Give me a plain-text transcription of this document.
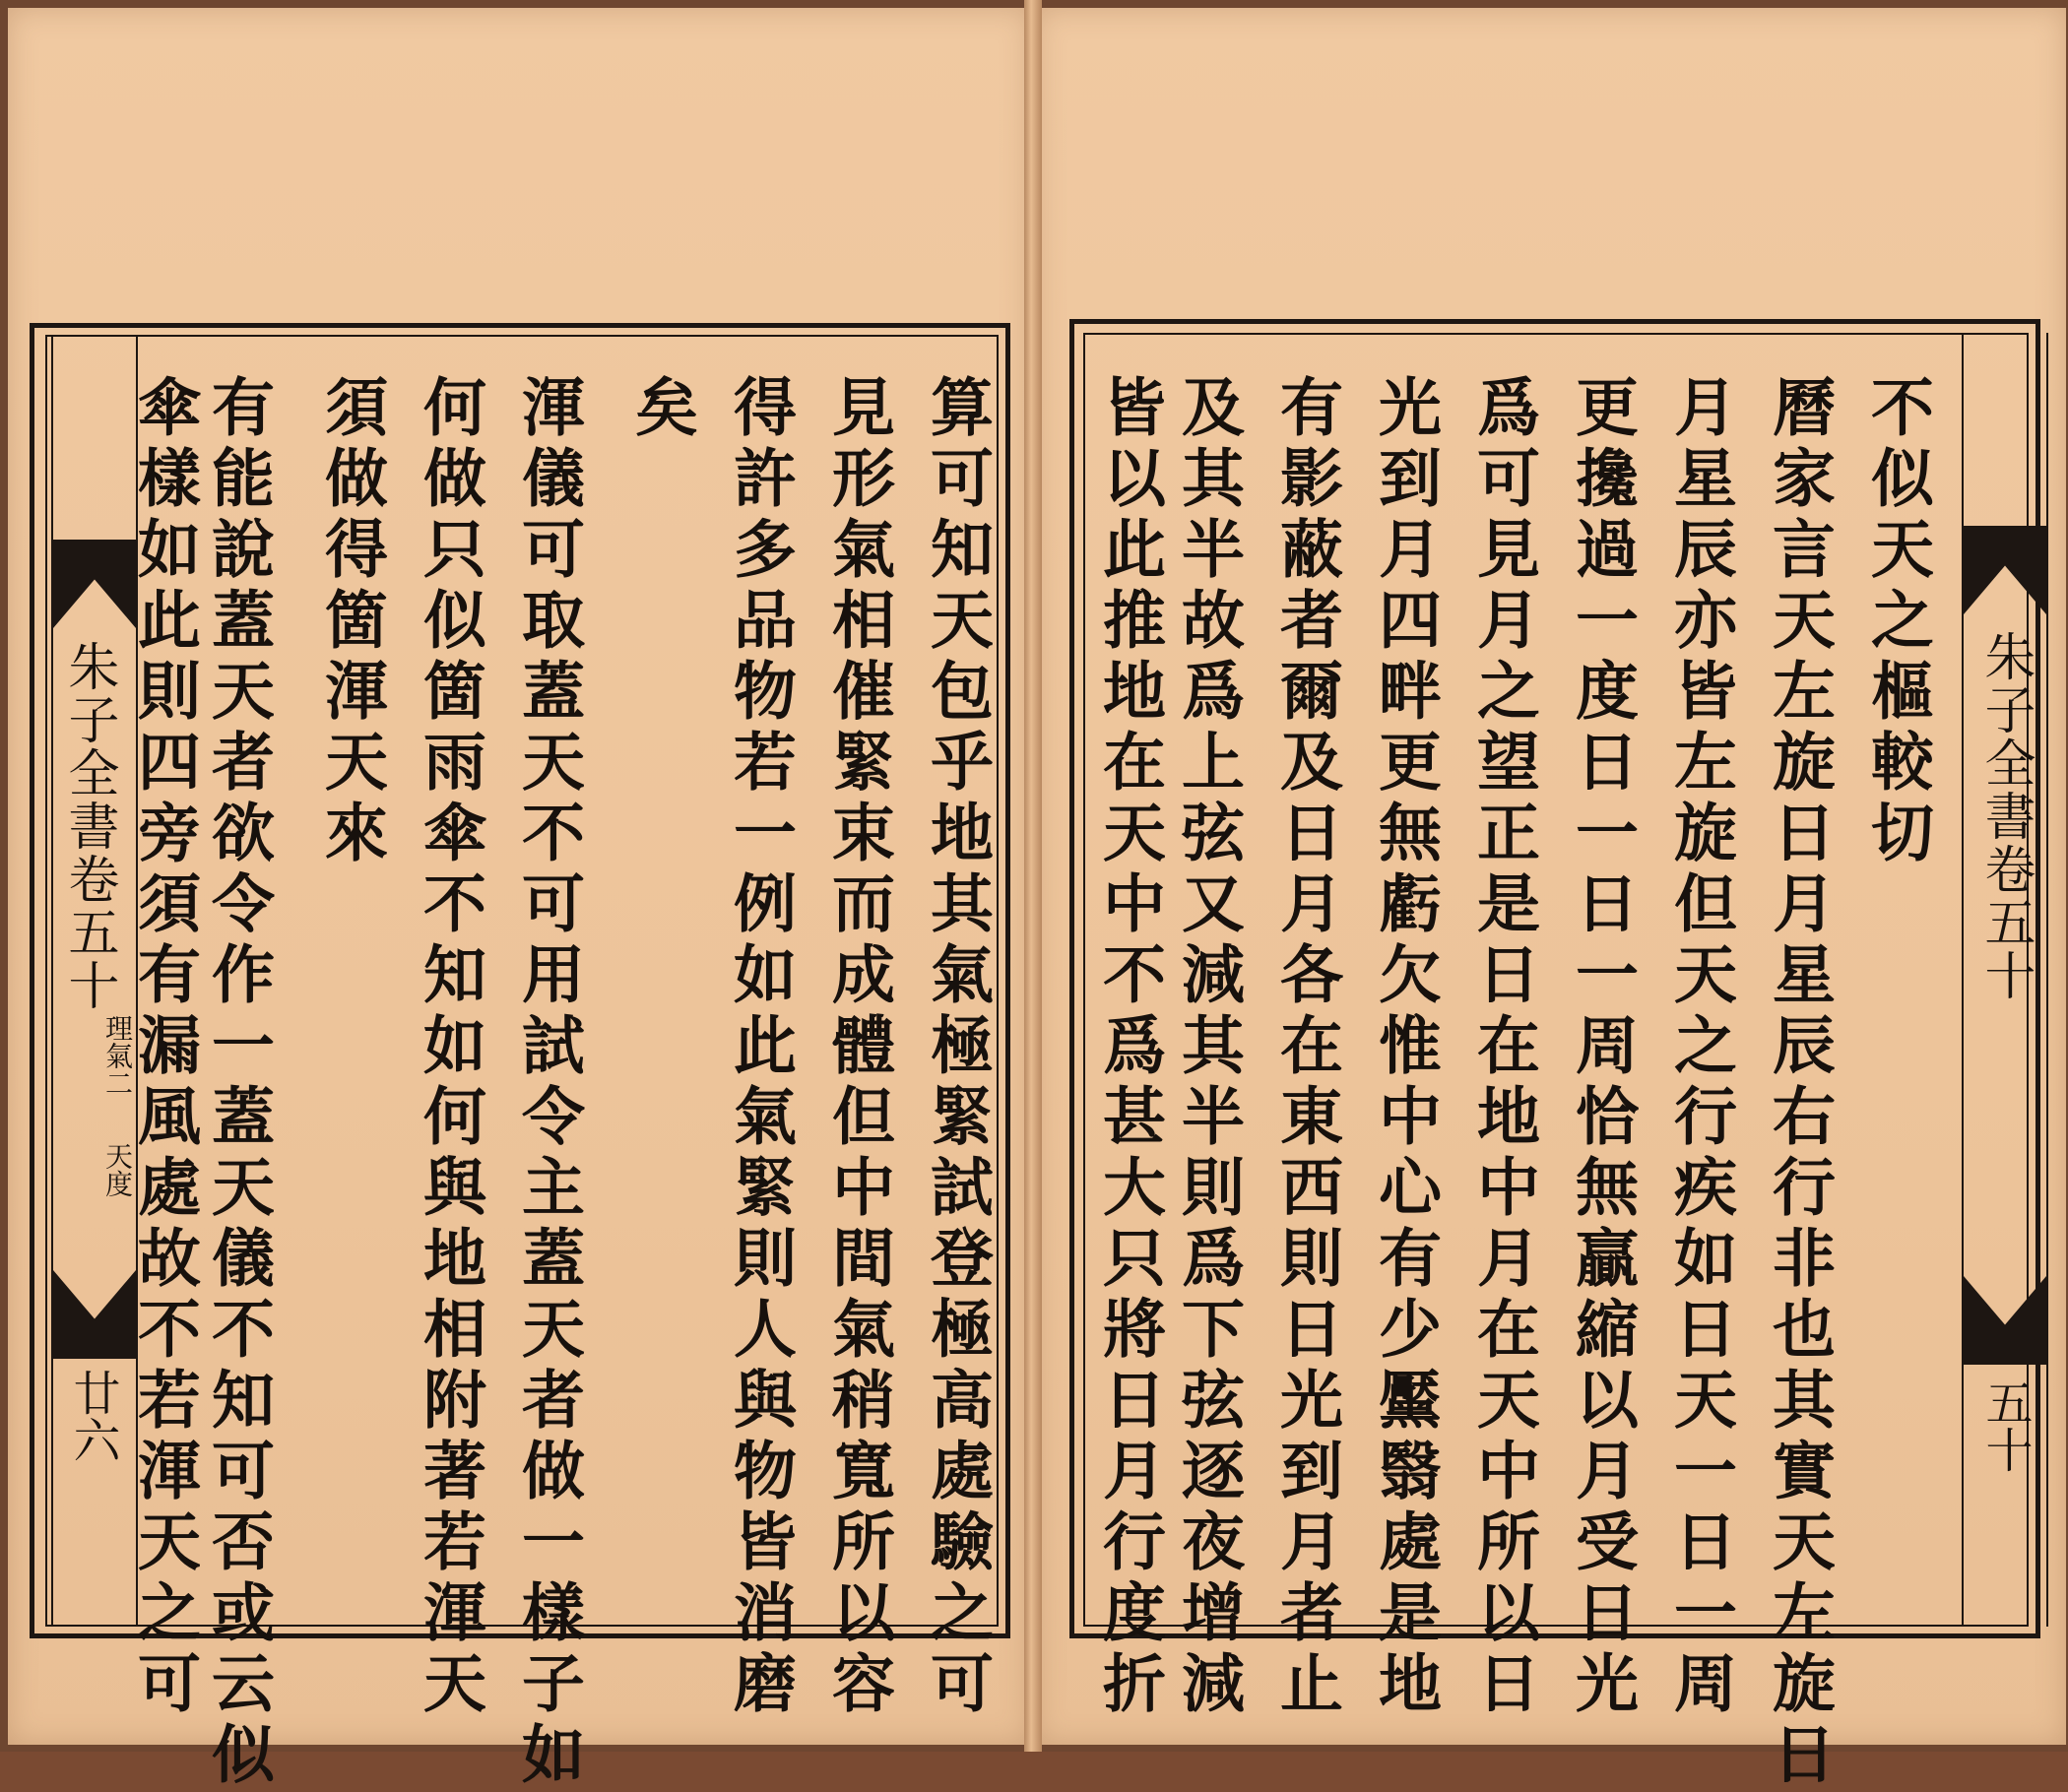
朱子全書卷五十
理氣二
天度
廿六	算可知天包乎地其氣極緊試登極高處驗之可
見形氣相催緊束而成體但中間氣稍寬所以容
得許多品物若一例如此氣緊則人與物皆消磨
矣
渾儀可取蓋天不可用試令主蓋天者做一樣子如
何做只似箇雨傘不知如何與地相附著若渾天
須做得箇渾天來
有能說蓋天者欲令作一蓋天儀不知可否或云似
傘樣如此則四旁須有漏風處故不若渾天之可	朱子全書卷五十
五十
不似天之樞較切
曆家言天左旋日月星辰右行非也其實天左旋日
月星辰亦皆左旋但天之行疾如日天一日一周
更攙過一度日一日一周恰無贏縮以月受日光
爲可見月之望正是日在地中月在天中所以日
光到月四畔更無虧欠惟中心有少黶翳處是地
有影蔽者爾及日月各在東西則日光到月者止
及其半故爲上弦又減其半則爲下弦逐夜增減
皆以此推地在天中不爲甚大只將日月行度折
